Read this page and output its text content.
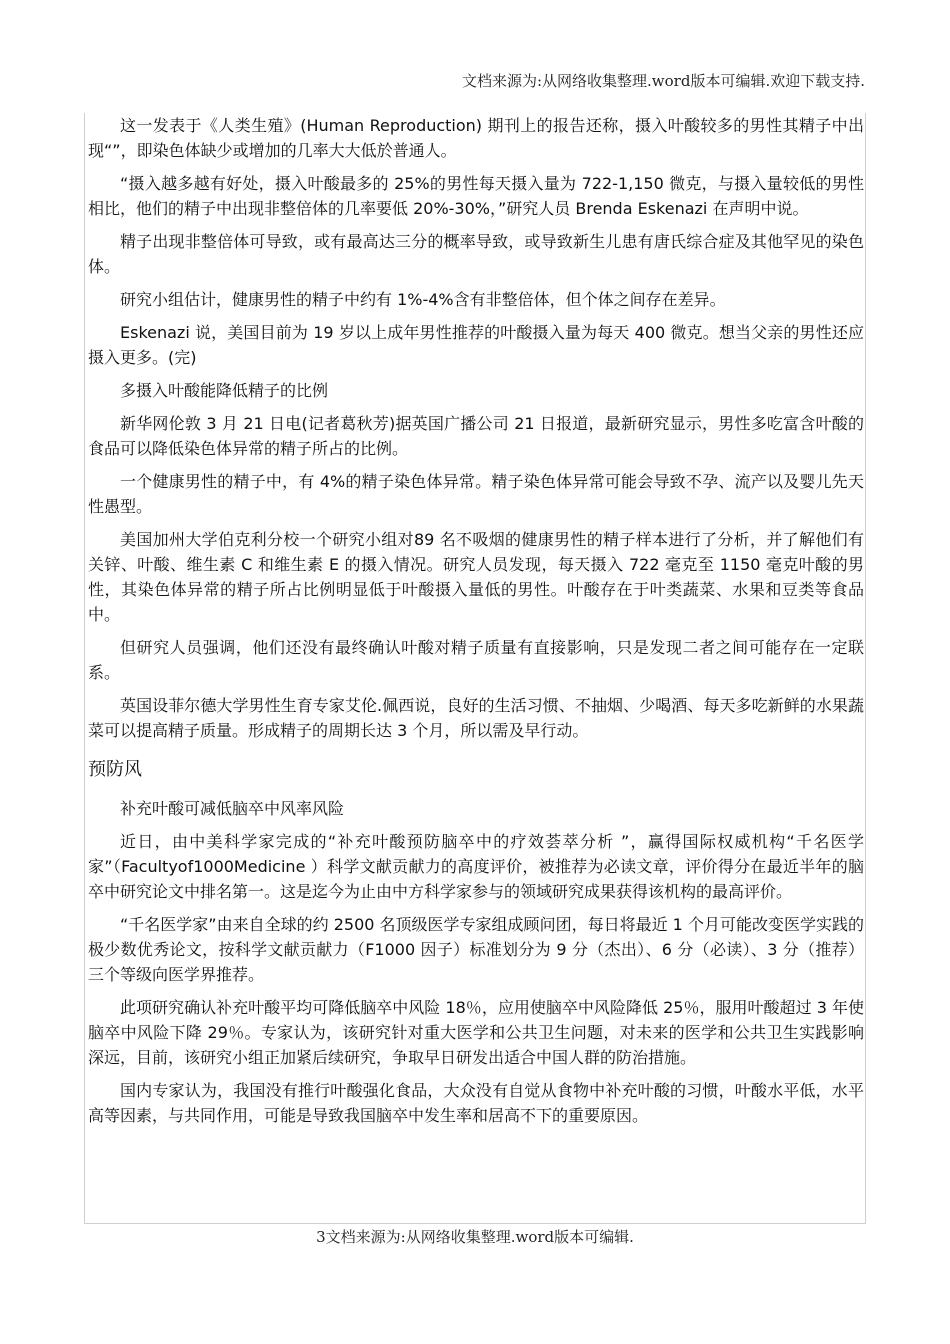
文档来源为:从网络收集整理.word版本可编辑.欢迎下载支持.

这一发表于《人类生殖》(Human Reproduction) 期刊上的报告还称，摄入叶酸较多的男性其精子中出现“”，即染色体缺少或增加的几率大大低於普通人。

“摄入越多越有好处，摄入叶酸最多的 25%的男性每天摄入量为 722-1,150 微克，与摄入量较低的男性相比，他们的精子中出现非整倍体的几率要低 20%-30%，”研究人员 Brenda Eskenazi 在声明中说。

精子出现非整倍体可导致，或有最高达三分的概率导致，或导致新生儿患有唐氏综合症及其他罕见的染色体。

研究小组估计，健康男性的精子中约有 1%-4%含有非整倍体，但个体之间存在差异。

Eskenazi 说，美国目前为 19 岁以上成年男性推荐的叶酸摄入量为每天 400 微克。想当父亲的男性还应摄入更多。(完)

多摄入叶酸能降低精子的比例

新华网伦敦 3 月 21 日电(记者葛秋芳)据英国广播公司 21 日报道，最新研究显示，男性多吃富含叶酸的食品可以降低染色体异常的精子所占的比例。

一个健康男性的精子中，有 4%的精子染色体异常。精子染色体异常可能会导致不孕、流产以及婴儿先天性愚型。

美国加州大学伯克利分校一个研究小组对89 名不吸烟的健康男性的精子样本进行了分析，并了解他们有关锌、叶酸、维生素 C 和维生素 E 的摄入情况。研究人员发现，每天摄入 722 毫克至 1150 毫克叶酸的男性，其染色体异常的精子所占比例明显低于叶酸摄入量低的男性。叶酸存在于叶类蔬菜、水果和豆类等食品中。

但研究人员强调，他们还没有最终确认叶酸对精子质量有直接影响，只是发现二者之间可能存在一定联系。

英国设菲尔德大学男性生育专家艾伦.佩西说，良好的生活习惯、不抽烟、少喝酒、每天多吃新鲜的水果蔬菜可以提高精子质量。形成精子的周期长达 3 个月，所以需及早行动。

预防风

补充叶酸可减低脑卒中风率风险

近日，由中美科学家完成的“补充叶酸预防脑卒中的疗效荟萃分析 ”，赢得国际权威机构“千名医学家”（Facultyof1000Medicine ）科学文献贡献力的高度评价，被推荐为必读文章，评价得分在最近半年的脑卒中研究论文中排名第一。这是迄今为止由中方科学家参与的领域研究成果获得该机构的最高评价。

“千名医学家”由来自全球的约 2500 名顶级医学专家组成顾问团，每日将最近 1 个月可能改变医学实践的极少数优秀论文，按科学文献贡献力（F1000 因子）标准划分为 9 分（杰出）、6 分（必读）、3 分（推荐）三个等级向医学界推荐。

此项研究确认补充叶酸平均可降低脑卒中风险 18％，应用使脑卒中风险降低 25％，服用叶酸超过 3 年使脑卒中风险下降 29％。专家认为，该研究针对重大医学和公共卫生问题，对未来的医学和公共卫生实践影响深远，目前，该研究小组正加紧后续研究，争取早日研发出适合中国人群的防治措施。

国内专家认为，我国没有推行叶酸强化食品，大众没有自觉从食物中补充叶酸的习惯，叶酸水平低，水平高等因素，与共同作用，可能是导致我国脑卒中发生率和居高不下的重要原因。

3文档来源为:从网络收集整理.word版本可编辑.
